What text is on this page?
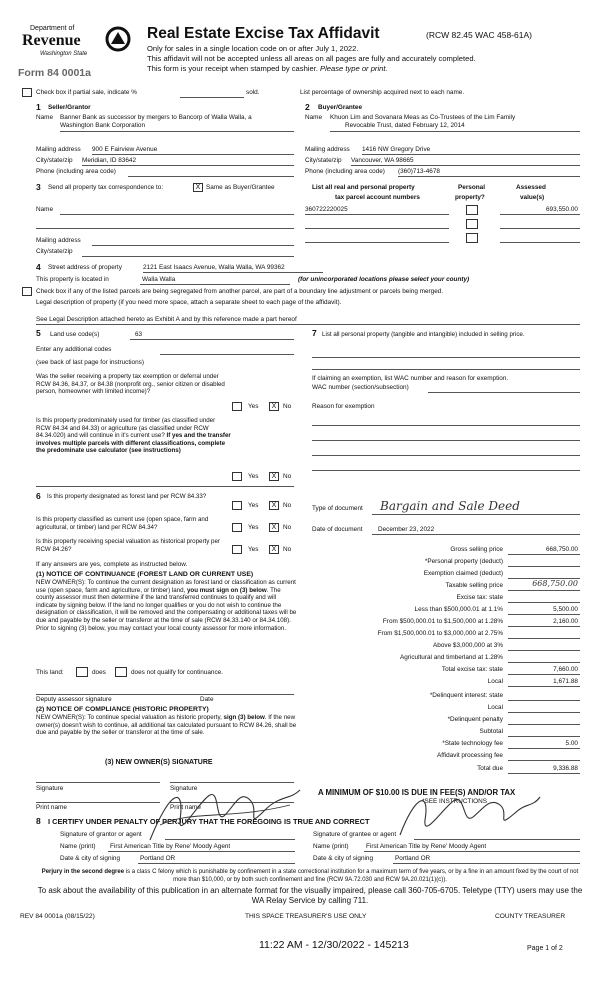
Department of
Revenue
Washington State
Form 84 0001a
Real Estate Excise Tax Affidavit	(RCW 82.45 WAC 458-61A)
Only for sales in a single location code on or after July 1, 2022.
This affidavit will not be accepted unless all areas on all pages are fully and accurately completed.
This form is your receipt when stamped by cashier. Please type or print.
Check box if partial sale, indicate %	sold.	List percentage of ownership acquired next to each name.
1 Seller/Grantor
Name Banner Bank as successor by mergers to Bancorp of Walla Walla, a
Washington Bank Corporation
Mailing address 900 E Fairview Avenue
City/state/zip Meridian, ID 83642
Phone (including area code)
2 Buyer/Grantee
Name Khuon Lim and Sovanara Meas as Co-Trustees of the Lim Family
Revocable Trust, dated February 12, 2014
Mailing address 1416 NW Gregory Drive
City/state/zip Vancouver, WA 98665
Phone (including area code) (360)713-4678
3 Send all property tax correspondence to:	X Same as Buyer/Grantee
Name
Mailing address
City/state/zip
List all real and personal property
tax parcel account numbers
Personal
property?
Assessed
value(s)
360722220025	693,550.00
4 Street address of property	2121 East Isaacs Avenue, Walla Walla, WA 99362
This property is located in	Walla Walla	(for unincorporated locations please select your county)
Check box if any of the listed parcels are being segregated from another parcel, are part of a boundary line adjustment or parcels being merged.
Legal description of property (if you need more space, attach a separate sheet to each page of the affidavit).
See Legal Description attached hereto as Exhibit A and by this reference made a part hereof
5 Land use code(s)	63
Enter any additional codes
(see back of last page for instructions)
Was the seller receiving a property tax exemption or deferral under RCW 84.36, 84.37, or 84.38 (nonprofit org., senior citizen or disabled person, homeowner with limited income)?
Yes	X	No
Is this property predominately used for timber (as classified under RCW 84.34 and 84.33) or agriculture (as classified under RCW 84.34.020) and will continue in it's current use? If yes and the transfer involves multiple parcels with different classifications, complete the predominate use calculator (see instructions)
Yes	X	No
7 List all personal property (tangible and intangible) included in selling price.
If claiming an exemption, list WAC number and reason for exemption.
WAC number (section/subsection)
Reason for exemption
6	Is this property designated as forest land per RCW 84.33?
Yes	X	No
Is this property classified as current use (open space, farm and agricultural, or timber) land per RCW 84.34?	Yes	X	No
Is this property receiving special valuation as historical property per RCW 84.26?	Yes	X	No
If any answers are yes, complete as instructed below.
(1) NOTICE OF CONTINUANCE (FOREST LAND OR CURRENT USE)
NEW OWNER(S): To continue the current designation as forest land or classification as current use (open space, farm and agriculture, or timber) land, you must sign on (3) below. The county assessor must then determine if the land transferred continues to qualify and will indicate by signing below. If the land no longer qualifies or you do not wish to continue the designation or classification, it will be removed and the compensating or additional taxes will be due and payable by the seller or transferor at the time of sale (RCW 84.33.140 or 84.34.108). Prior to signing (3) below, you may contact your local county assessor for more information.
This land:	does	does not qualify for continuance.
Deputy assessor signature	Date
(2) NOTICE OF COMPLIANCE (HISTORIC PROPERTY)
NEW OWNER(S): To continue special valuation as historic property, sign (3) below. If the new owner(s) doesn't wish to continue, all additional tax calculated pursuant to RCW 84.26, shall be due and payable by the seller or transferor at the time of sale.
(3) NEW OWNER(S) SIGNATURE
Signature	Signature
Print name	Print name
Type of document Bargain and Sale Deed
Date of document December 23, 2022
Gross selling price	668,750.00
*Personal property (deduct)
Exemption claimed (deduct)
Taxable selling price	668,750.00
Excise tax: state
Less than $500,000.01 at 1.1%	5,500.00
From $500,000.01 to $1,500,000 at 1.28%	2,160.00
From $1,500,000.01 to $3,000,000 at 2.75%
Above $3,000,000 at 3%
Agricultural and timberland at 1.28%
Total excise tax: state	7,660.00
Local	1,671.88
*Delinquent interest: state
Local
*Delinquent penalty
Subtotal
*State technology fee	5.00
Affidavit processing fee
Total due	9,336.88
A MINIMUM OF $10.00 IS DUE IN FEE(S) AND/OR TAX
*SEE INSTRUCTIONS
8 I CERTIFY UNDER PENALTY OF PERJURY THAT THE FOREGOING IS TRUE AND CORRECT
Signature of grantor or agent
Name (print) First American Title by Rene' Moody Agent
Date & city of signing	Portland OR
Signature of grantee or agent
Name (print)	First American Title by Rene' Moody Agent
Date & city of signing	Portland OR
Perjury in the second degree is a class C felony which is punishable by confinement in a state correctional institution for a maximum term of five years, or by a fine in an amount fixed by the court of not more than $10,000, or by both such confinement and fine (RCW 9A.72.030 and RCW 9A.20.021(1)(c)).
To ask about the availability of this publication in an alternate format for the visually impaired, please call 360-705-6705. Teletype (TTY) users may use the WA Relay Service by calling 711.
REV 84 0001a (08/15/22)	THIS SPACE TREASURER'S USE ONLY	COUNTY TREASURER
11:22 AM - 12/30/2022 - 145213	Page 1 of 2
